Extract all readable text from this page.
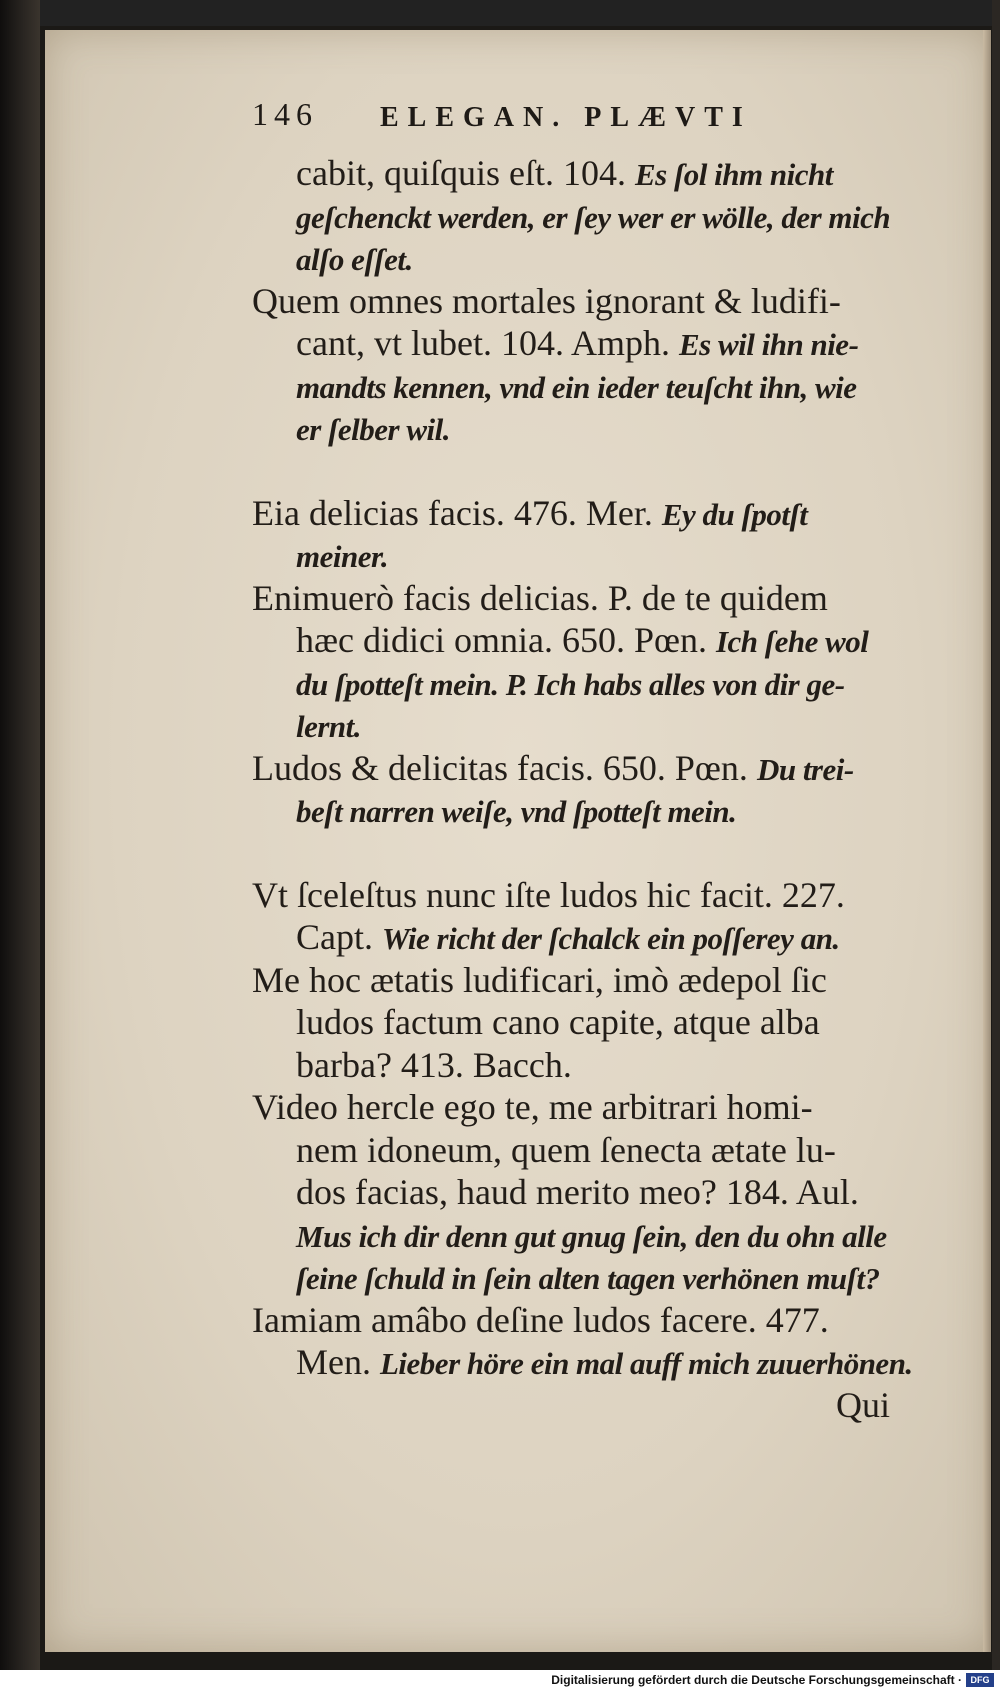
146 ELEGAN. PLÆVTI
cabit, quiſquis eſt. 104. Es ſol ihm nicht
geſchenckt werden, er ſey wer er wölle, der mich
alſo eſſet.
Quem omnes mortales ignorant & ludifi-
cant, vt lubet. 104. Amph. Es wil ihn nie-
mandts kennen, vnd ein ieder teuſcht ihn, wie
er ſelber wil.
Eia delicias facis. 476. Mer. Ey du ſpotſt
meiner.
Enimuerò facis delicias. P. de te quidem
hæc didici omnia. 650. Pœn. Ich ſehe wol
du ſpotteſt mein. P. Ich habs alles von dir ge-
lernt.
Ludos & delicitas facis. 650. Pœn. Du trei-
beſt narren weiſe, vnd ſpotteſt mein.
Vt ſceleſtus nunc iſte ludos hic facit. 227.
Capt. Wie richt der ſchalck ein poſſerey an.
Me hoc ætatis ludificari, imò ædepol ſic
ludos factum cano capite, atque alba
barba? 413. Bacch.
Video hercle ego te, me arbitrari homi-
nem idoneum, quem ſenecta ætate lu-
dos facias, haud merito meo? 184. Aul.
Mus ich dir denn gut gnug ſein, den du ohn alle
ſeine ſchuld in ſein alten tagen verhönen muſt?
Iamiam amâbo deſine ludos facere. 477.
Men. Lieber höre ein mal auff mich zuuerhönen.
Qui
Digitalisierung gefördert durch die Deutsche Forschungsgemeinschaft · DFG
